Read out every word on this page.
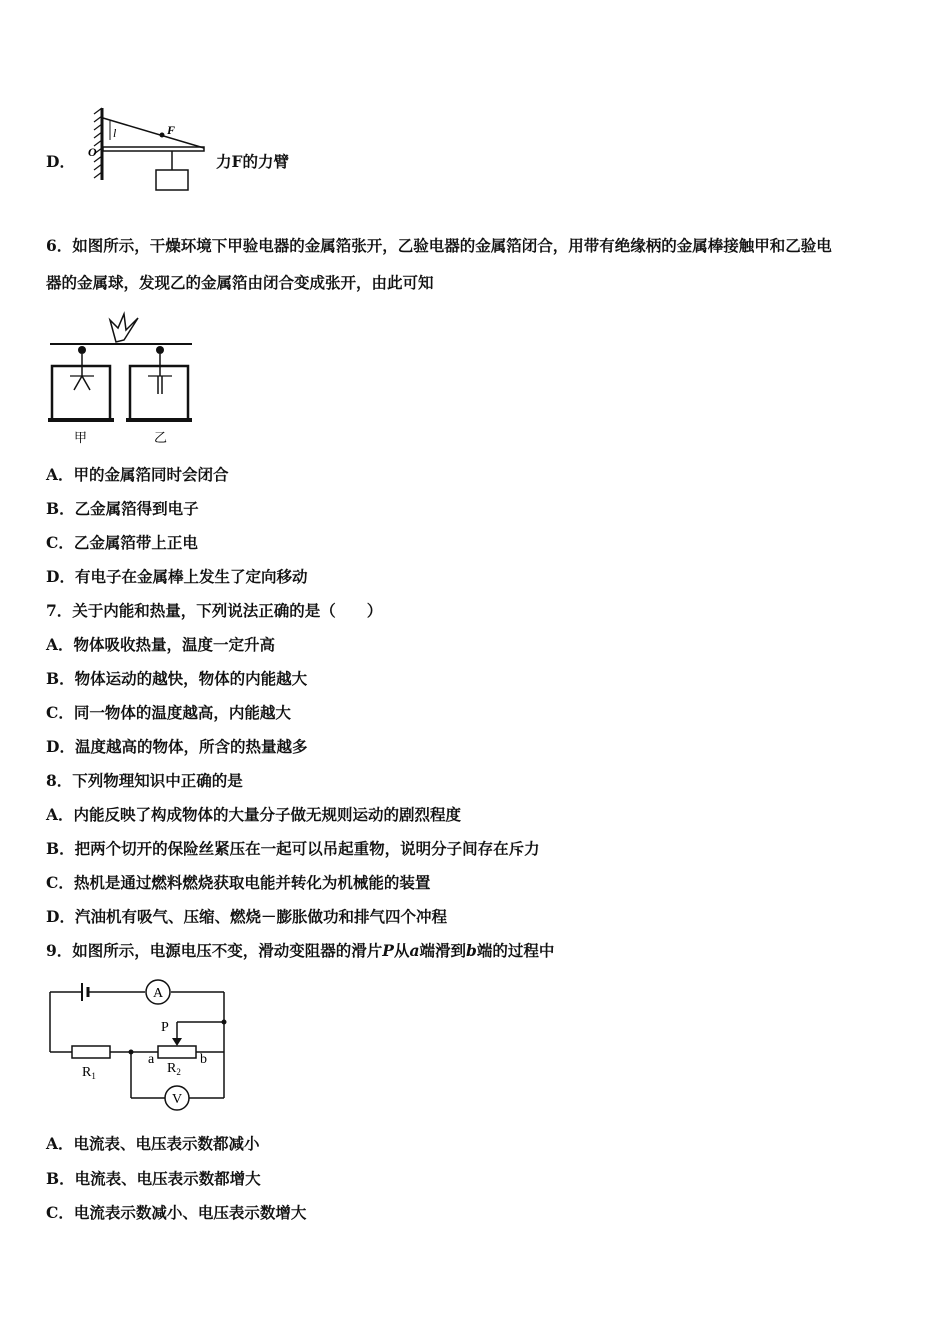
D．
l	F
O	力F的力臂
6．如图所示，干燥环境下甲验电器的金属箔张开，乙验电器的金属箔闭合，用带有绝缘柄的金属棒接触甲和乙验电
器的金属球，发现乙的金属箔由闭合变成张开，由此可知
甲	乙
A．甲的金属箔同时会闭合
B．乙金属箔得到电子
C．乙金属箔带上正电
D．有电子在金属棒上发生了定向移动
7．关于内能和热量，下列说法正确的是（　　）
A．物体吸收热量，温度一定升高
B．物体运动的越快，物体的内能越大
C．同一物体的温度越高，内能越大
D．温度越高的物体，所含的热量越多
8．下列物理知识中正确的是
A．内能反映了构成物体的大量分子做无规则运动的剧烈程度
B．把两个切开的保险丝紧压在一起可以吊起重物，说明分子间存在斥力
C．热机是通过燃料燃烧获取电能并转化为机械能的装置
D．汽油机有吸气、压缩、燃烧－膨胀做功和排气四个冲程
9．如图所示，电源电压不变，滑动变阻器的滑片P从a端滑到b端的过程中
A
V
P
$R_1$	$R_2$
a	b
A．电流表、电压表示数都减小
B．电流表、电压表示数都增大
C．电流表示数减小、电压表示数增大
